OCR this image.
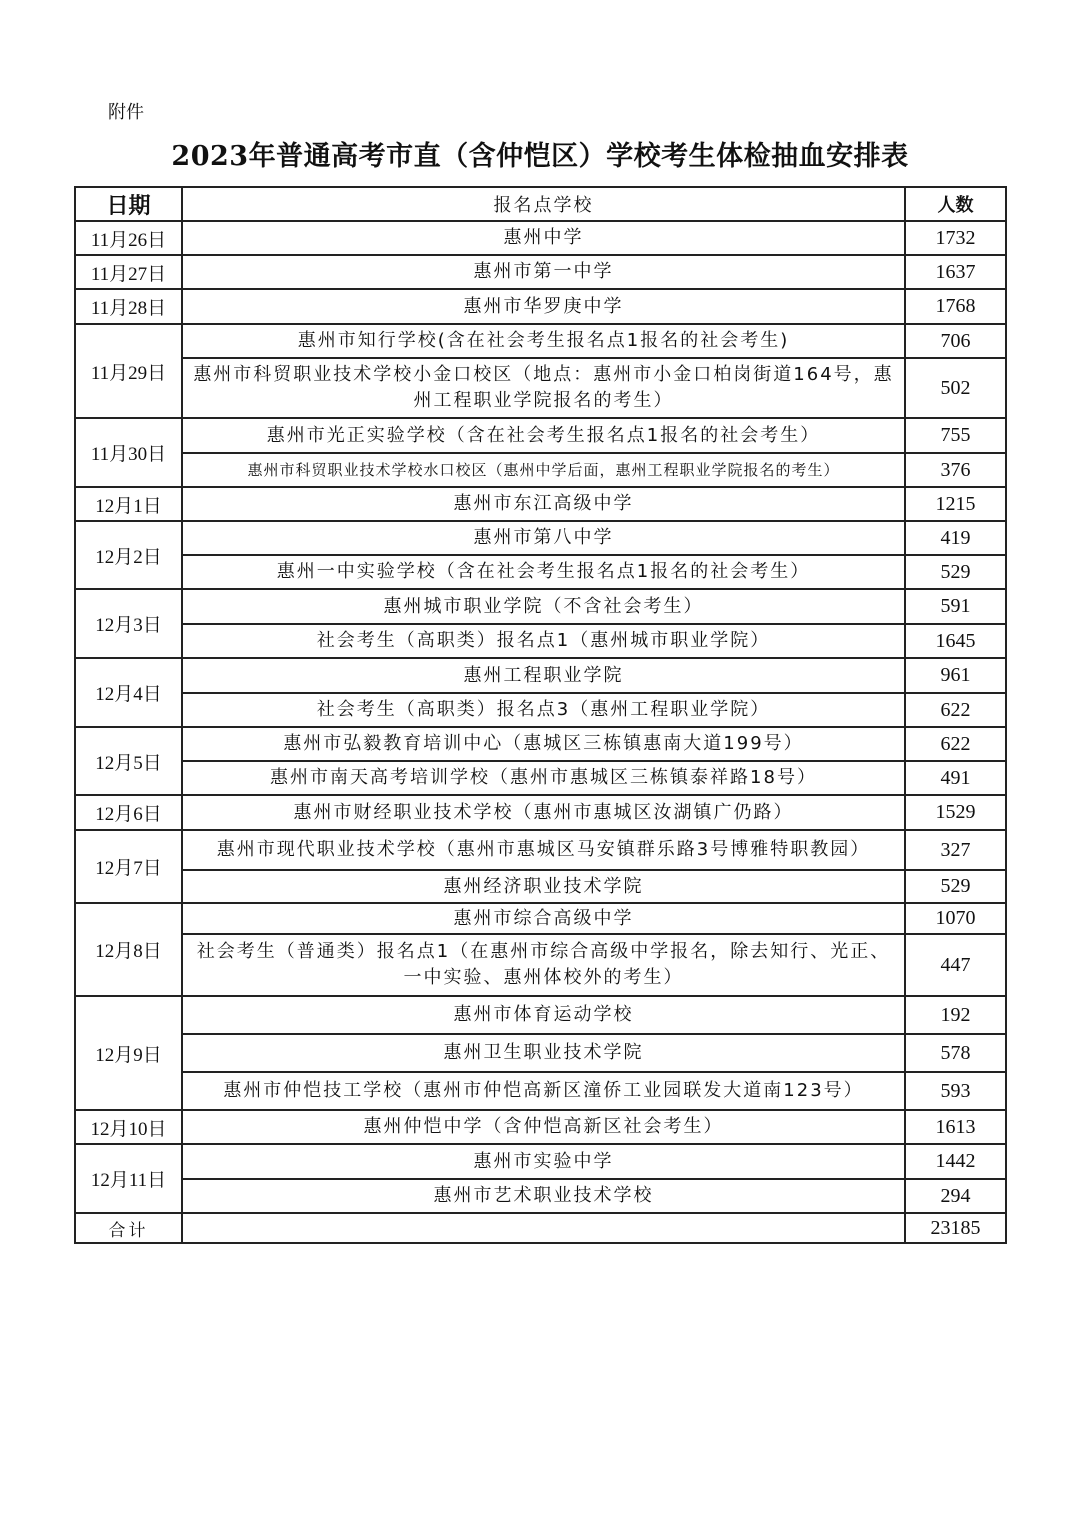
附件
2023年普通高考市直（含仲恺区）学校考生体检抽血安排表
日期	报名点学校	人数
11月26日	惠州中学	1732
11月27日	惠州市第一中学	1637
11月28日	惠州市华罗庚中学	1768
11月29日	惠州市知行学校(含在社会考生报名点1报名的社会考生)	706
	惠州市科贸职业技术学校小金口校区（地点：惠州市小金口柏岗街道164号，惠州工程职业学院报名的考生）	502
11月30日	惠州市光正实验学校（含在社会考生报名点1报名的社会考生）	755
	惠州市科贸职业技术学校水口校区（惠州中学后面，惠州工程职业学院报名的考生）	376
12月1日	惠州市东江高级中学	1215
12月2日	惠州市第八中学	419
	惠州一中实验学校（含在社会考生报名点1报名的社会考生）	529
12月3日	惠州城市职业学院（不含社会考生）	591
	社会考生（高职类）报名点1（惠州城市职业学院）	1645
12月4日	惠州工程职业学院	961
	社会考生（高职类）报名点3（惠州工程职业学院）	622
12月5日	惠州市弘毅教育培训中心（惠城区三栋镇惠南大道199号）	622
	惠州市南天高考培训学校（惠州市惠城区三栋镇泰祥路18号）	491
12月6日	惠州市财经职业技术学校（惠州市惠城区汝湖镇广仍路）	1529
12月7日	惠州市现代职业技术学校（惠州市惠城区马安镇群乐路3号博雅特职教园）	327
	惠州经济职业技术学院	529
12月8日	惠州市综合高级中学	1070
	社会考生（普通类）报名点1（在惠州市综合高级中学报名，除去知行、光正、一中实验、惠州体校外的考生）	447
12月9日	惠州市体育运动学校	192
	惠州卫生职业技术学院	578
	惠州市仲恺技工学校（惠州市仲恺高新区潼侨工业园联发大道南123号）	593
12月10日	惠州仲恺中学（含仲恺高新区社会考生）	1613
12月11日	惠州市实验中学	1442
	惠州市艺术职业技术学校	294
合计		23185
